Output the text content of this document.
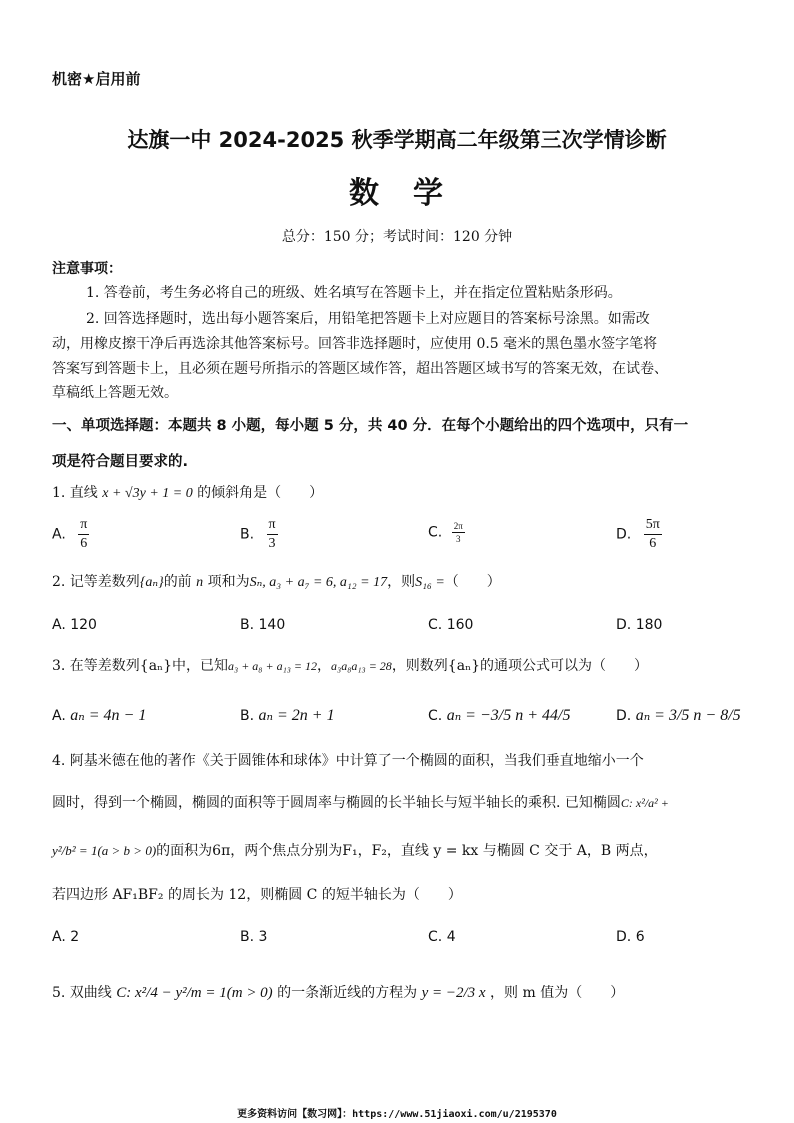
机密★启用前
达旗一中 2024-2025 秋季学期高二年级第三次学情诊断
数　学
总分：150 分；考试时间：120 分钟
注意事项：
1. 答卷前，考生务必将自己的班级、姓名填写在答题卡上，并在指定位置粘贴条形码。
2. 回答选择题时，选出每小题答案后，用铅笔把答题卡上对应题目的答案标号涂黑。如需改
动，用橡皮擦干净后再选涂其他答案标号。回答非选择题时，应使用 0.5 毫米的黑色墨水签字笔将
答案写到答题卡上，且必须在题号所指示的答题区域作答，超出答题区域书写的答案无效，在试卷、
草稿纸上答题无效。
一、单项选择题：本题共 8 小题，每小题 5 分，共 40 分．在每个小题给出的四个选项中，只有一
项是符合题目要求的.
1. 直线 x + √3y + 1 = 0 的倾斜角是（　　）
A. $\frac{\pi}{6}$	B. $\frac{\pi}{3}$	C. $\frac{2\pi}{3}$	D. $\frac{5\pi}{6}$
2. 记等差数列{aₙ}的前 n 项和为Sₙ, a₃ + a₇ = 6, a₁₂ = 17，则S₁₆ =（　　）
A. 120	B. 140	C. 160	D. 180
3. 在等差数列{aₙ}中，已知a₃ + a₈ + a₁₃ = 12，a₃a₈a₁₃ = 28，则数列{aₙ}的通项公式可以为（　　）
A. aₙ = 4n − 1	B. aₙ = 2n + 1	C. aₙ = −3/5 n + 44/5	D. aₙ = 3/5 n − 8/5
4. 阿基米德在他的著作《关于圆锥体和球体》中计算了一个椭圆的面积，当我们垂直地缩小一个
圆时，得到一个椭圆，椭圆的面积等于圆周率与椭圆的长半轴长与短半轴长的乘积. 已知椭圆C: x²/a² +
y²/b² = 1(a > b > 0)的面积为6π，两个焦点分别为F₁，F₂，直线 y = kx 与椭圆 C 交于 A，B 两点，
若四边形 AF₁BF₂ 的周长为 12，则椭圆 C 的短半轴长为（　　）
A. 2	B. 3	C. 4	D. 6
5. 双曲线 C: x²/4 − y²/m = 1(m > 0) 的一条渐近线的方程为 y = −2/3 x ，则 m 值为（　　）
更多资料访问【数习网】：https://www.51jiaoxi.com/u/2195370
